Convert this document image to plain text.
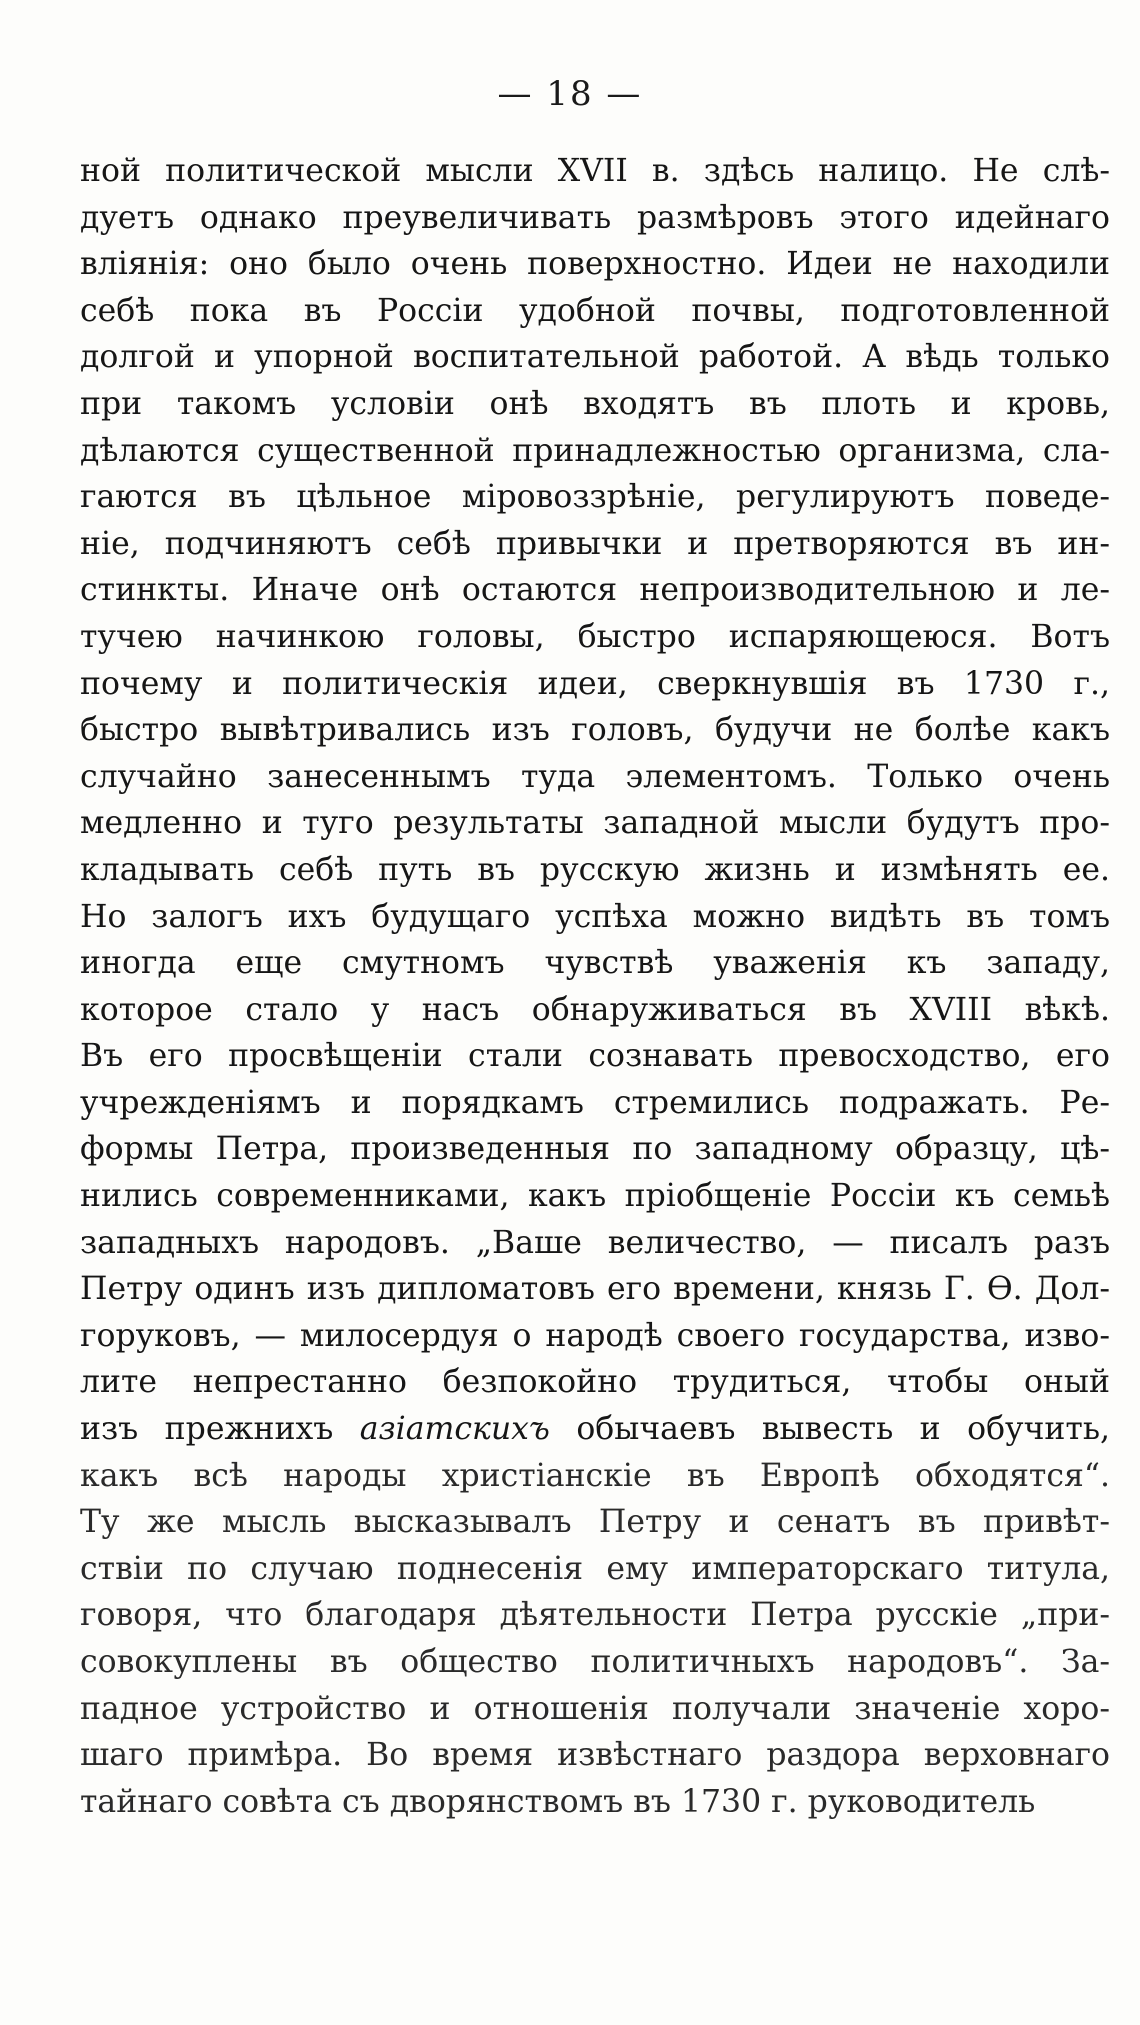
— 18 —
ной политической мысли XVII в. здѣсь налицо. Не слѣ-
дуетъ однако преувеличивать размѣровъ этого идейнаго
вліянія: оно было очень поверхностно. Идеи не находили
себѣ пока въ Россіи удобной почвы, подготовленной
долгой и упорной воспитательной работой. А вѣдь только
при такомъ условіи онѣ входятъ въ плоть и кровь,
дѣлаются существенной принадлежностью организма, сла-
гаются въ цѣльное міровоззрѣніе, регулируютъ поведе-
ніе, подчиняютъ себѣ привычки и претворяются въ ин-
стинкты. Иначе онѣ остаются непроизводительною и ле-
тучею начинкою головы, быстро испаряющеюся. Вотъ
почему и политическія идеи, сверкнувшія въ 1730 г.,
быстро вывѣтривались изъ головъ, будучи не болѣе какъ
случайно занесеннымъ туда элементомъ. Только очень
медленно и туго результаты западной мысли будутъ про-
кладывать себѣ путь въ русскую жизнь и измѣнять ее.
Но залогъ ихъ будущаго успѣха можно видѣть въ томъ
иногда еще смутномъ чувствѣ уваженія къ западу,
которое стало у насъ обнаруживаться въ XVIII вѣкѣ.
Въ его просвѣщеніи стали сознавать превосходство, его
учрежденіямъ и порядкамъ стремились подражать. Ре-
формы Петра, произведенныя по западному образцу, цѣ-
нились современниками, какъ пріобщеніе Россіи къ семьѣ
западныхъ народовъ. „Ваше величество, — писалъ разъ
Петру одинъ изъ дипломатовъ его времени, князь Г. Ѳ. Дол-
горуковъ, — милосердуя о народѣ своего государства, изво-
лите непрестанно безпокойно трудиться, чтобы оный
изъ прежнихъ азіатскихъ обычаевъ вывесть и обучить,
какъ всѣ народы христіанскіе въ Европѣ обходятся“.
Ту же мысль высказывалъ Петру и сенатъ въ привѣт-
ствіи по случаю поднесенія ему императорскаго титула,
говоря, что благодаря дѣятельности Петра русскіе „при-
совокуплены въ общество политичныхъ народовъ“. За-
падное устройство и отношенія получали значеніе хоро-
шаго примѣра. Во время извѣстнаго раздора верховнаго
тайнаго совѣта съ дворянствомъ въ 1730 г. руководитель
